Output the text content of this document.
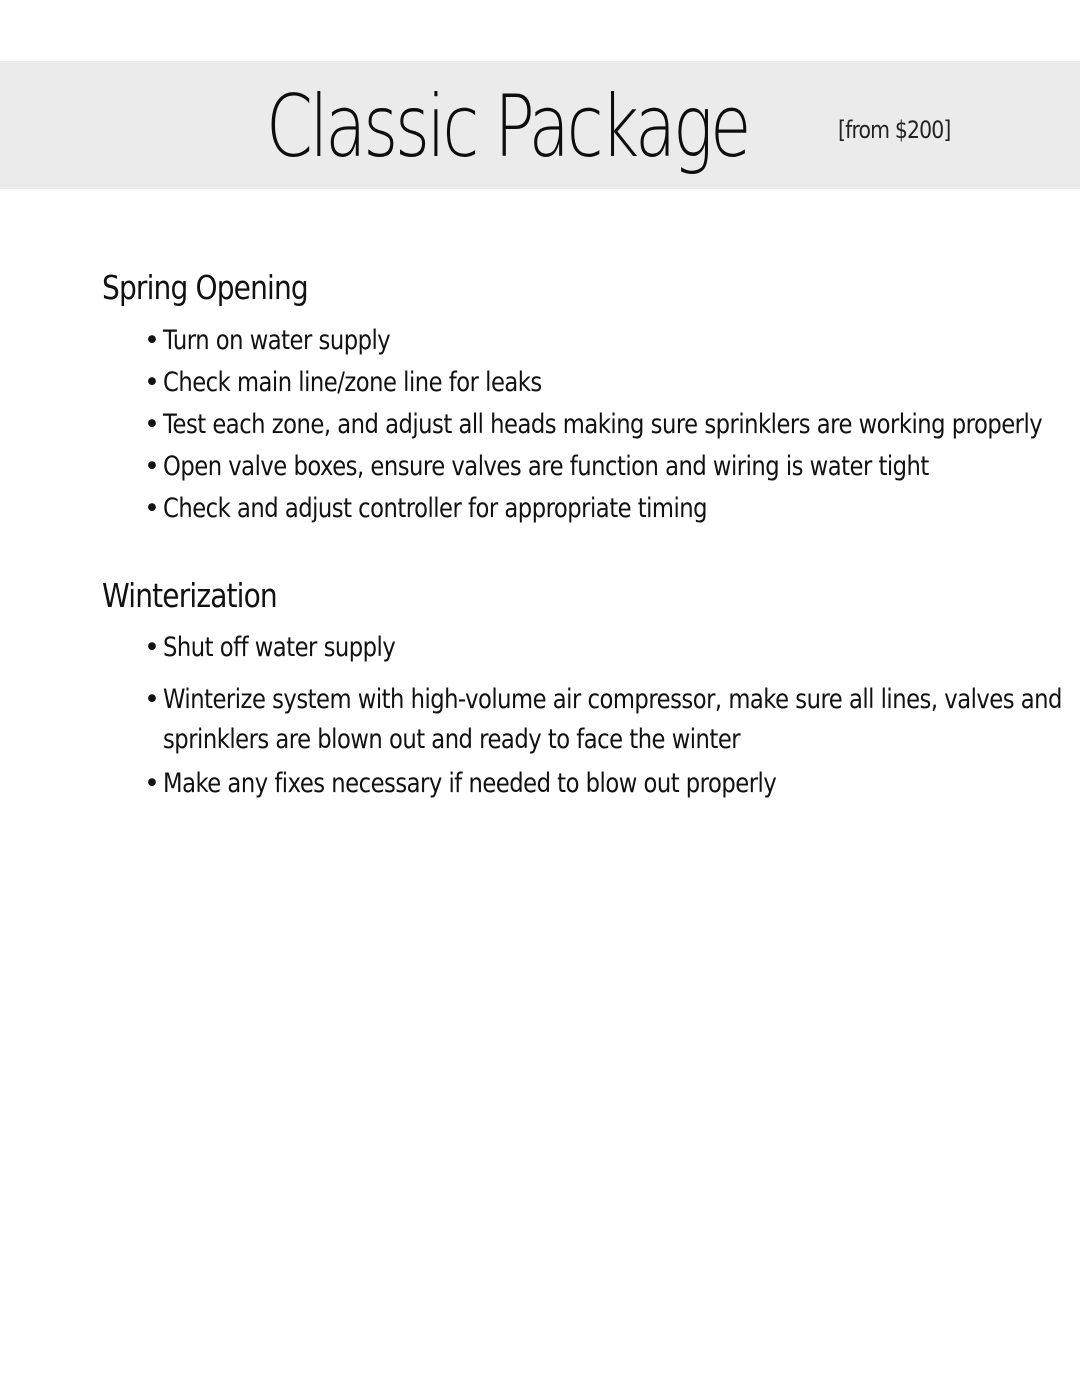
Classic Package	[from $200]
Spring Opening
• Turn on water supply
• Check main line/zone line for leaks
• Test each zone, and adjust all heads making sure sprinklers are working properly
• Open valve boxes, ensure valves are function and wiring is water tight
• Check and adjust controller for appropriate timing
Winterization
• Shut off water supply
• Winterize system with high-volume air compressor, make sure all lines, valves and
sprinklers are blown out and ready to face the winter
• Make any fixes necessary if needed to blow out properly
